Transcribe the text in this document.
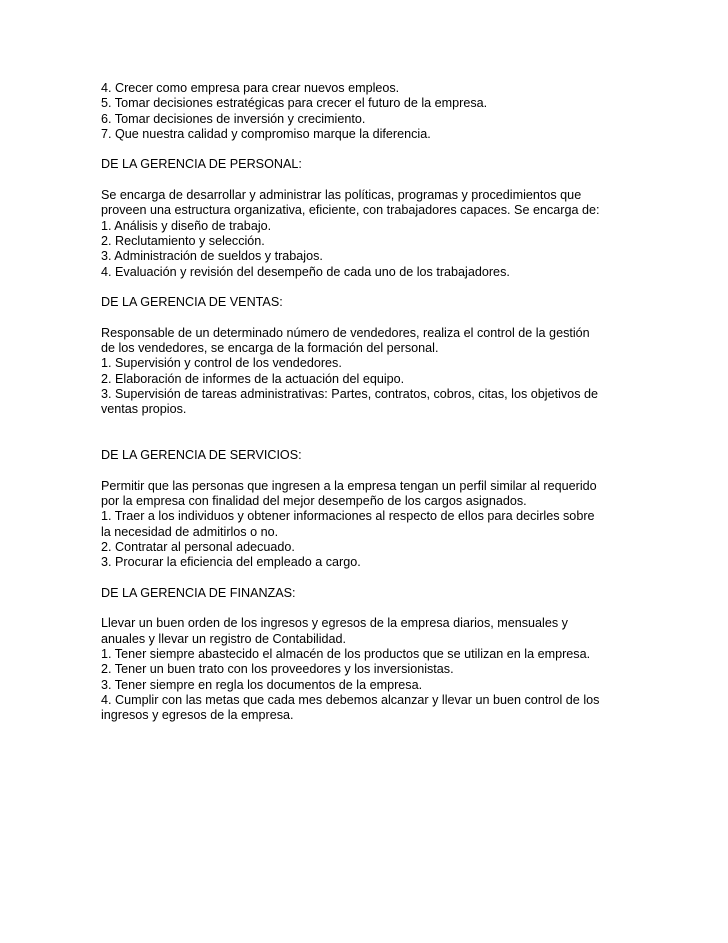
4. Crecer como empresa para crear nuevos empleos.

5. Tomar decisiones estratégicas para crecer el futuro de la empresa.

6. Tomar decisiones de inversión y crecimiento.

7. Que nuestra calidad y compromiso marque la diferencia.

DE LA GERENCIA DE PERSONAL:

Se encarga de desarrollar y administrar las políticas, programas y procedimientos que

proveen una estructura organizativa, eficiente, con trabajadores capaces. Se encarga de:

1. Análisis y diseño de trabajo.

2. Reclutamiento y selección.

3. Administración de sueldos y trabajos.

4. Evaluación y revisión del desempeño de cada uno de los trabajadores.

DE LA GERENCIA DE VENTAS:

Responsable de un determinado número de vendedores, realiza el control de la gestión

de los vendedores, se encarga de la formación del personal.

1. Supervisión y control de los vendedores.

2. Elaboración de informes de la actuación del equipo.

3. Supervisión de tareas administrativas: Partes, contratos, cobros, citas, los objetivos de

ventas propios.

DE LA GERENCIA DE SERVICIOS:

Permitir que las personas que ingresen a la empresa tengan un perfil similar al requerido

por la empresa con finalidad del mejor desempeño de los cargos asignados.

1. Traer a los individuos y obtener informaciones al respecto de ellos para decirles sobre

la necesidad de admitirlos o no.

2. Contratar al personal adecuado.

3. Procurar la eficiencia del empleado a cargo.

DE LA GERENCIA DE FINANZAS:

Llevar un buen orden de los ingresos y egresos de la empresa diarios, mensuales y

anuales y llevar un registro de Contabilidad.

1. Tener siempre abastecido el almacén de los productos que se utilizan en la empresa.

2. Tener un buen trato con los proveedores y los inversionistas.

3. Tener siempre en regla los documentos de la empresa.

4. Cumplir con las metas que cada mes debemos alcanzar y llevar un buen control de los

ingresos y egresos de la empresa.
